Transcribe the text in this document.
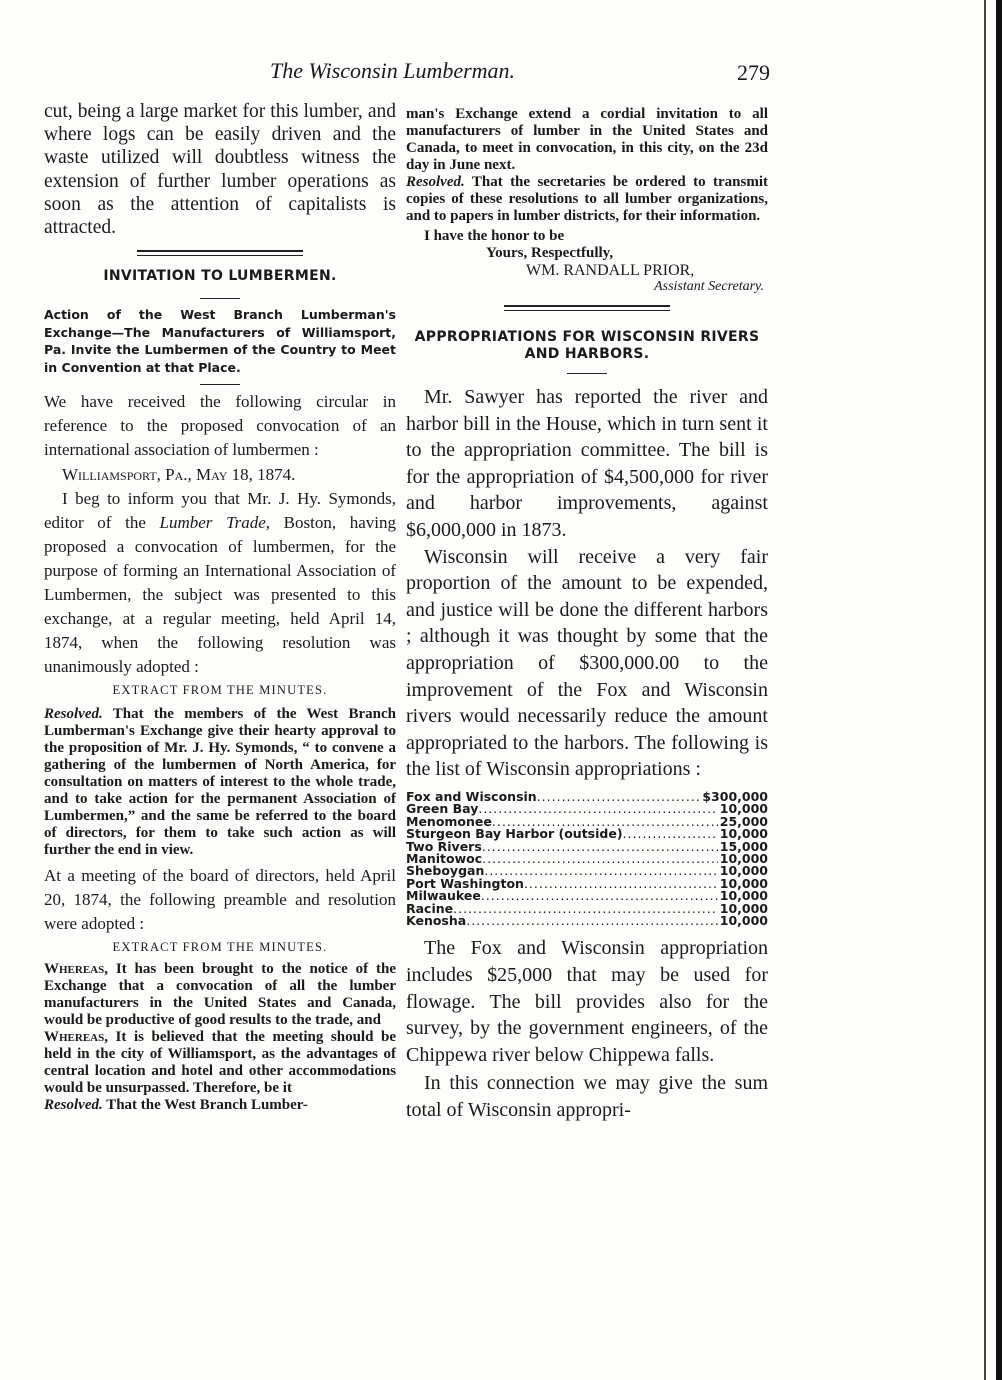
The Wisconsin Lumberman.	279

cut, being a large market for this lumber, and where logs can be easily driven and the waste utilized will doubtless witness the extension of further lumber operations as soon as the attention of capitalists is attracted.

INVITATION TO LUMBERMEN.

Action of the West Branch Lumberman's Exchange—The Manufacturers of Williamsport, Pa. Invite the Lumbermen of the Country to Meet in Convention at that Place.

We have received the following circular in reference to the proposed convocation of an international association of lumbermen :

Williamsport, Pa., May 18, 1874.

I beg to inform you that Mr. J. Hy. Symonds, editor of the Lumber Trade, Boston, having proposed a convocation of lumbermen, for the purpose of forming an International Association of Lumbermen, the subject was presented to this exchange, at a regular meeting, held April 14, 1874, when the following resolution was unanimously adopted :

EXTRACT FROM THE MINUTES.

Resolved. That the members of the West Branch Lumberman's Exchange give their hearty approval to the proposition of Mr. J. Hy. Symonds, “ to convene a gathering of the lumbermen of North America, for consultation on matters of interest to the whole trade, and to take action for the permanent Association of Lumbermen,” and the same be referred to the board of directors, for them to take such action as will further the end in view.

At a meeting of the board of directors, held April 20, 1874, the following preamble and resolution were adopted :

EXTRACT FROM THE MINUTES.

Whereas, It has been brought to the notice of the Exchange that a convocation of all the lumber manufacturers in the United States and Canada, would be productive of good results to the trade, and

Whereas, It is believed that the meeting should be held in the city of Williamsport, as the advantages of central location and hotel and other accommodations would be unsurpassed. Therefore, be it

Resolved. That the West Branch Lumber-

man's Exchange extend a cordial invitation to all manufacturers of lumber in the United States and Canada, to meet in convocation, in this city, on the 23d day in June next.

Resolved. That the secretaries be ordered to transmit copies of these resolutions to all lumber organizations, and to papers in lumber districts, for their information.

I have the honor to be
Yours, Respectfully,
WM. RANDALL PRIOR,
Assistant Secretary.
APPROPRIATIONS FOR WISCONSIN RIVERS AND HARBORS.

Mr. Sawyer has reported the river and harbor bill in the House, which in turn sent it to the appropriation committee. The bill is for the appropriation of $4,500,000 for river and harbor improvements, against $6,000,000 in 1873.

Wisconsin will receive a very fair proportion of the amount to be expended, and justice will be done the different harbors ; although it was thought by some that the appropriation of $300,000.00 to the improvement of the Fox and Wisconsin rivers would necessarily reduce the amount appropriated to the harbors. The following is the list of Wisconsin appropriations :

Fox and Wisconsin .....	$300,000
Green Bay .....	10,000
Menomonee .....	25,000
Sturgeon Bay Harbor (outside) .....	10,000
Two Rivers .....	15,000
Manitowoc .....	10,000
Sheboygan .....	10,000
Port Washington .....	10,000
Milwaukee .....	10,000
Racine .....	10,000
Kenosha .....	10,000

The Fox and Wisconsin appropriation includes $25,000 that may be used for flowage. The bill provides also for the survey, by the government engineers, of the Chippewa river below Chippewa falls.

In this connection we may give the sum total of Wisconsin appropri-
